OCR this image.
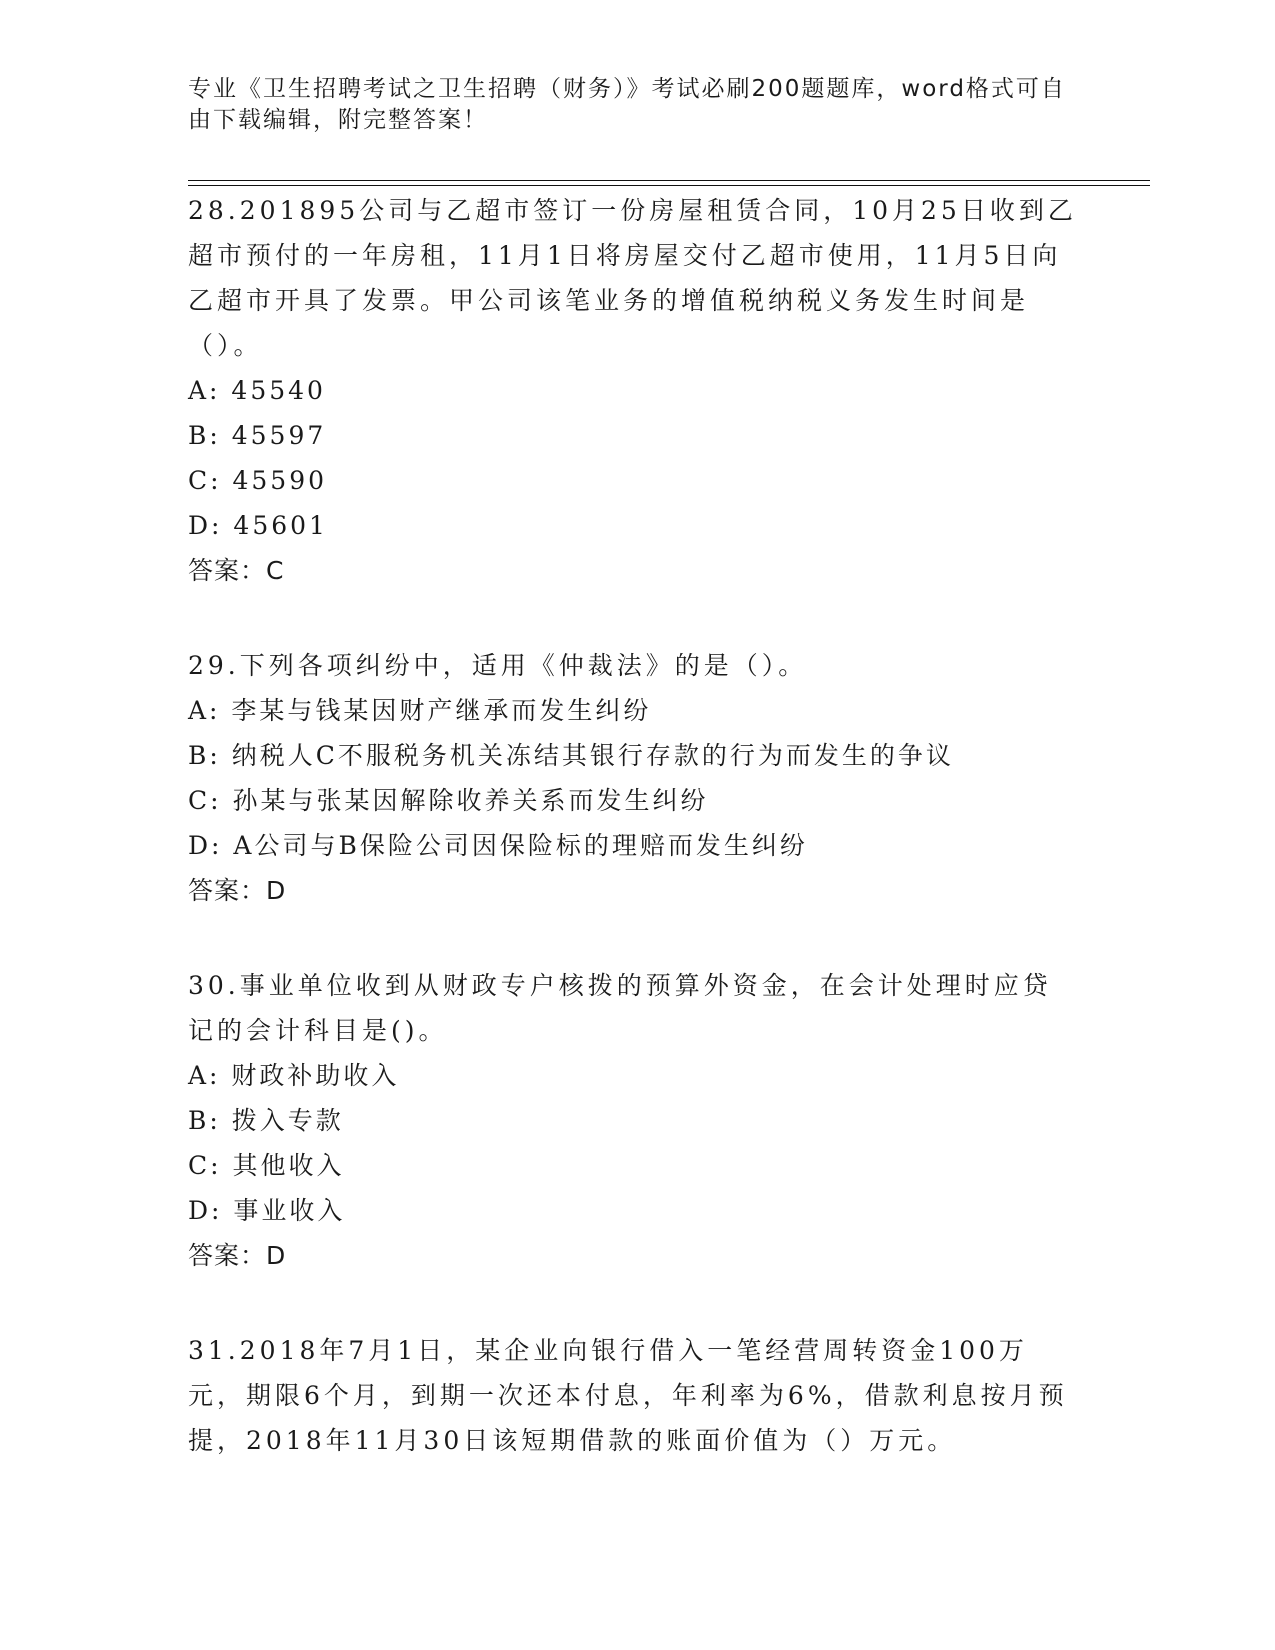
专业《卫生招聘考试之卫生招聘（财务）》考试必刷200题题库，word格式可自由下载编辑，附完整答案！
28.201895公司与乙超市签订一份房屋租赁合同，10月25日收到乙超市预付的一年房租，11月1日将房屋交付乙超市使用，11月5日向乙超市开具了发票。甲公司该笔业务的增值税纳税义务发生时间是（）。
A: 45540
B: 45597
C: 45590
D: 45601
答案：C
29.下列各项纠纷中，适用《仲裁法》的是（）。
A: 李某与钱某因财产继承而发生纠纷
B: 纳税人C不服税务机关冻结其银行存款的行为而发生的争议
C: 孙某与张某因解除收养关系而发生纠纷
D: A公司与B保险公司因保险标的理赔而发生纠纷
答案：D
30.事业单位收到从财政专户核拨的预算外资金，在会计处理时应贷记的会计科目是()。
A: 财政补助收入
B: 拨入专款
C: 其他收入
D: 事业收入
答案：D
31.2018年7月1日，某企业向银行借入一笔经营周转资金100万元，期限6个月，到期一次还本付息，年利率为6%，借款利息按月预提，2018年11月30日该短期借款的账面价值为（）万元。
